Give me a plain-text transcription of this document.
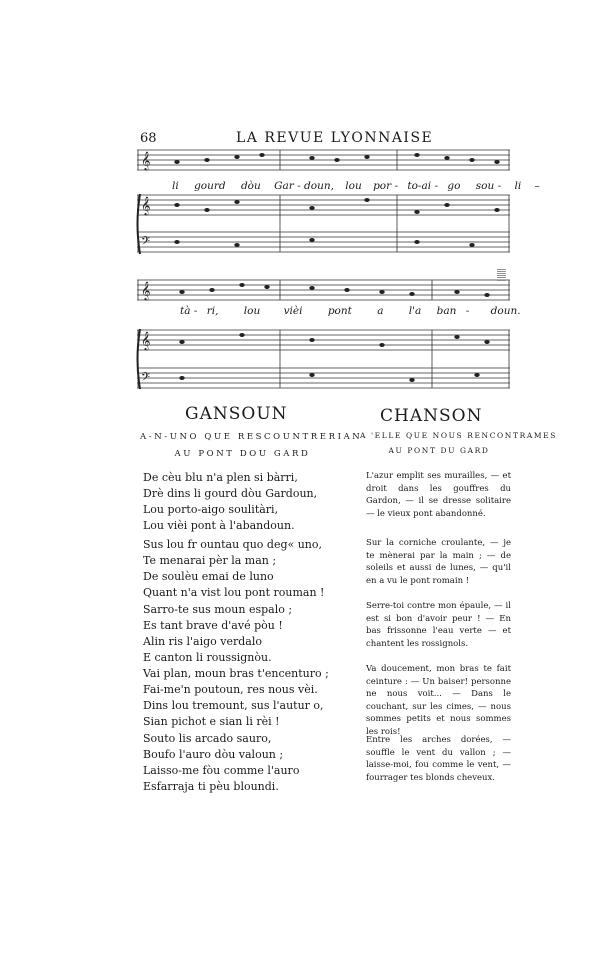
68	LA REVUE LYONNAISE
𝄞
𝄞
𝄢
li gourd dòu Gar - doun, lou por - to-ai - go sou - li –
𝄞
𝄞
𝄢
𝄛
tà - ri, lou vièi pont a l'a ban - doun.
GANSOUN
A-N-UNO QUE RESCOUNTRERIAN
AU PONT DOU GARD
De cèu blu n'a plen si bàrri,
Drè dins li gourd dòu Gardoun,
Lou porto-aigo soulitàri,
Lou vièi pont à l'abandoun.
Sus lou fr ountau quo deg« uno,
Te menarai pèr la man ;
De soulèu emai de luno
Quant n'a vist lou pont rouman !
Sarro-te sus moun espalo ;
Es tant brave d'avé pòu !
Alin ris l'aigo verdalo
E canton li roussignòu.
Vai plan, moun bras t'encenturo ;
Fai-me'n poutoun, res nous vèi.
Dins lou tremount, sus l'autur o,
Sian pichot e sian li rèi !
Souto lis arcado sauro,
Boufo l'auro dòu valoun ;
Laisso-me fòu comme l'auro
Esfarraja ti pèu bloundi.
CHANSON
A 'ELLE QUE NOUS RENCONTRAMES
AU PONT DU GARD
L'azur emplit ses murailles, — et droit dans les gouffres du Gardon, — il se dresse solitaire — le vieux pont abandonné.
Sur la corniche croulante, — je te mènerai par la main ; — de soleils et aussi de lunes, — qu'il en a vu le pont romain !
Serre-toi contre mon épaule, — il est si bon d'avoir peur ! — En bas frissonne l'eau verte — et chantent les rossignols.
Va doucement, mon bras te fait ceinture : — Un baiser! personne ne nous voit... — Dans le couchant, sur les cimes, — nous sommes petits et nous sommes les rois!
Entre les arches dorées, — souffle le vent du vallon ; — laisse-moi, fou comme le vent, — fourrager tes blonds cheveux.
